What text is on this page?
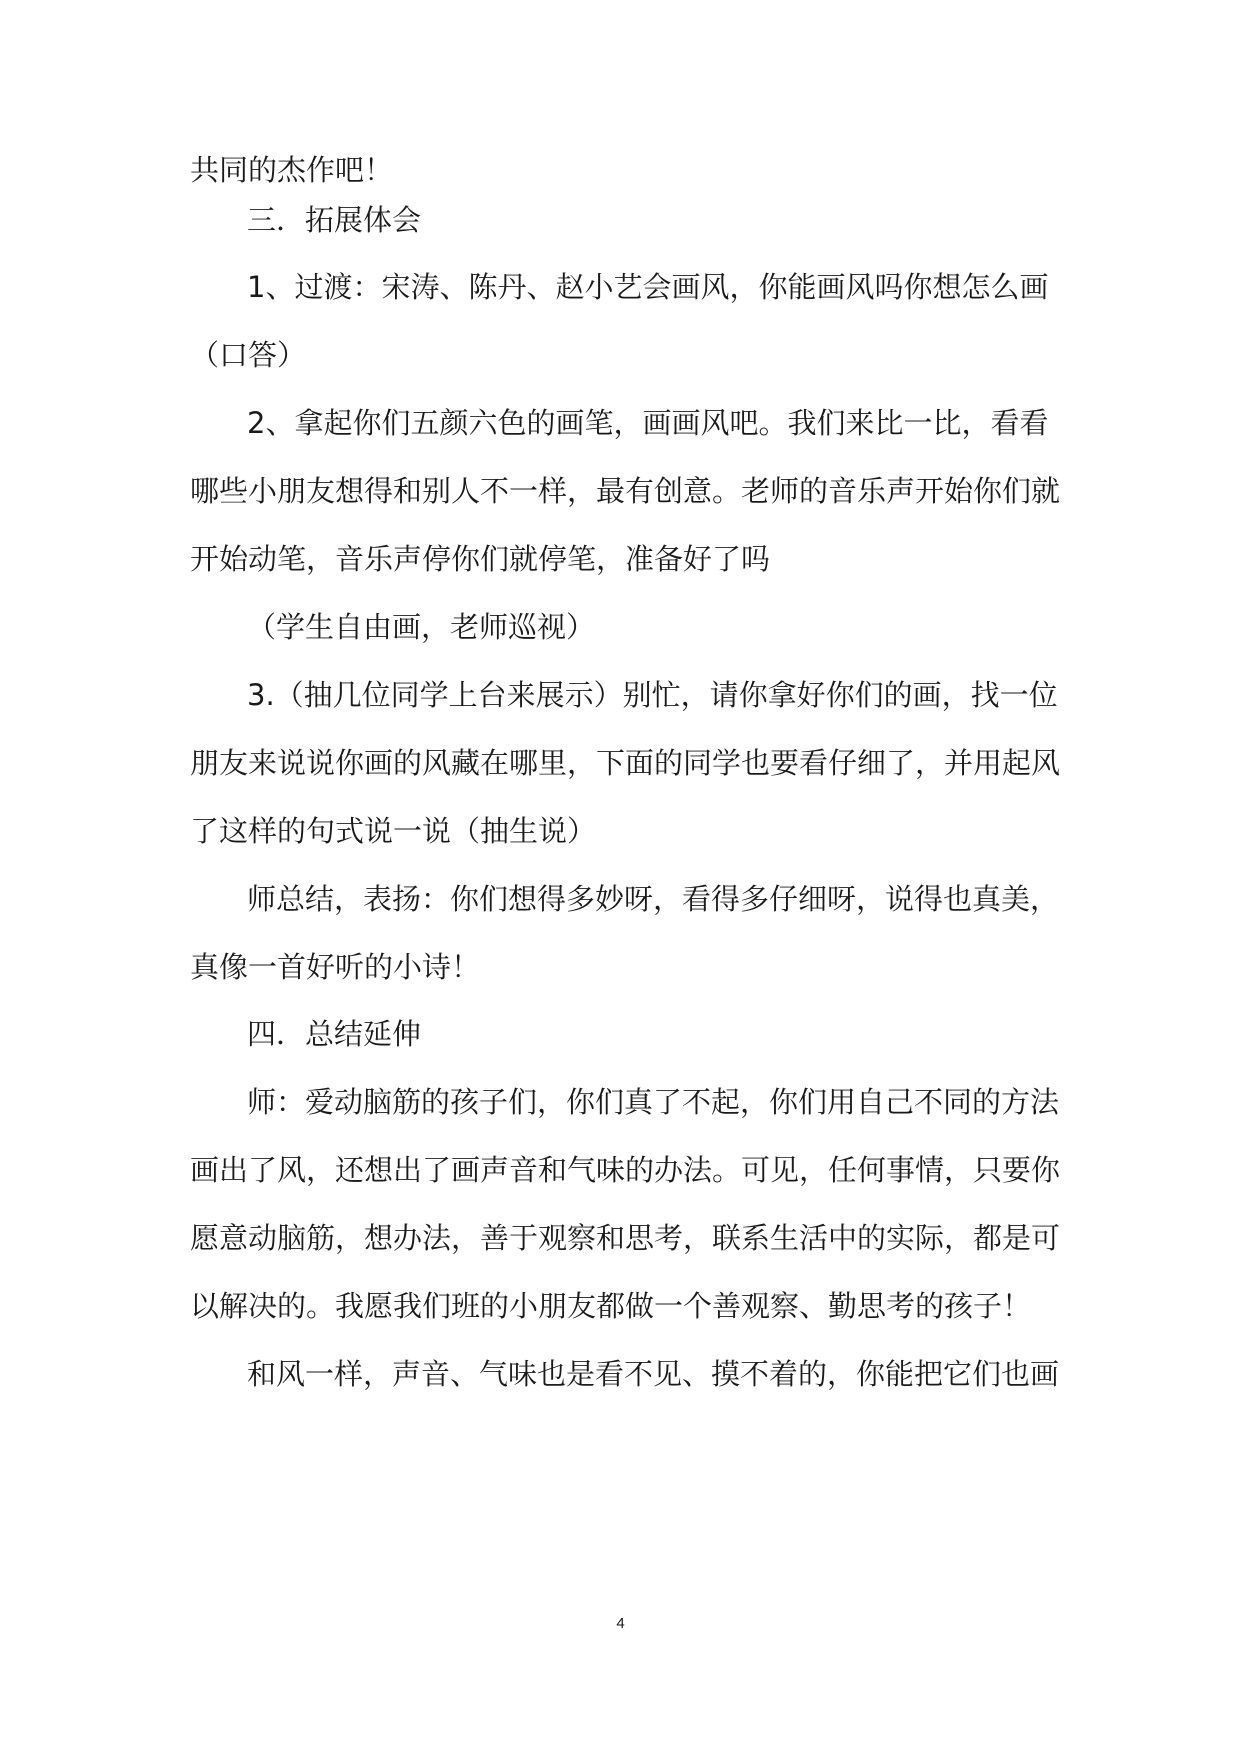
共同的杰作吧！
三．拓展体会
1、过渡：宋涛、陈丹、赵小艺会画风，你能画风吗你想怎么画
（口答）
2、拿起你们五颜六色的画笔，画画风吧。我们来比一比，看看
哪些小朋友想得和别人不一样，最有创意。老师的音乐声开始你们就
开始动笔，音乐声停你们就停笔，准备好了吗
（学生自由画，老师巡视）
3.（抽几位同学上台来展示）别忙，请你拿好你们的画，找一位
朋友来说说你画的风藏在哪里，下面的同学也要看仔细了，并用起风
了这样的句式说一说（抽生说）
师总结，表扬：你们想得多妙呀，看得多仔细呀，说得也真美，
真像一首好听的小诗！
四．总结延伸
师：爱动脑筋的孩子们，你们真了不起，你们用自己不同的方法
画出了风，还想出了画声音和气味的办法。可见，任何事情，只要你
愿意动脑筋，想办法，善于观察和思考，联系生活中的实际，都是可
以解决的。我愿我们班的小朋友都做一个善观察、勤思考的孩子！
和风一样，声音、气味也是看不见、摸不着的，你能把它们也画
4
